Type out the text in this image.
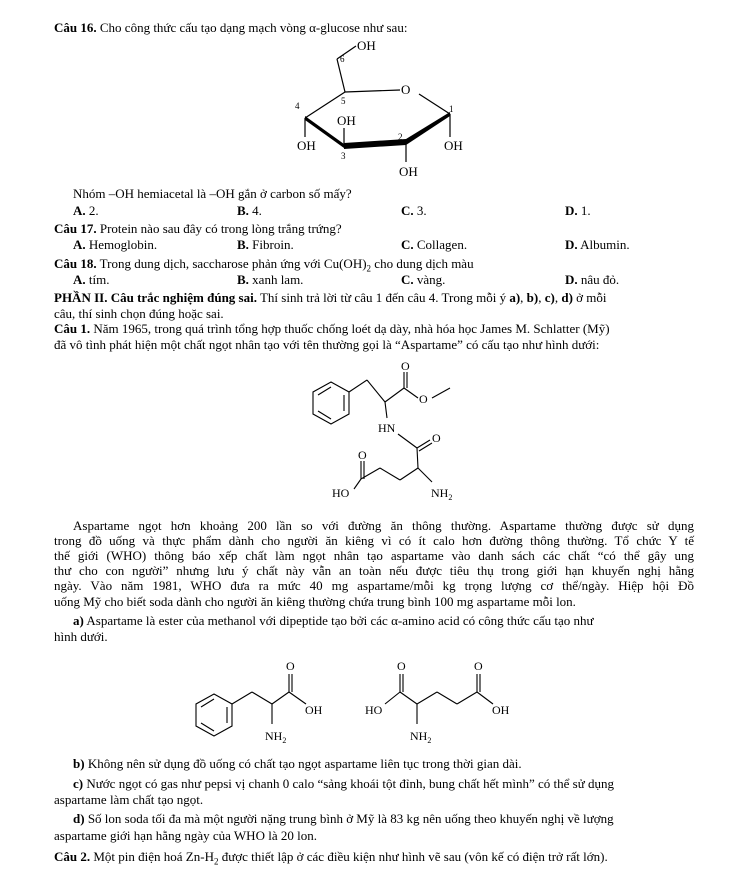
Câu 16. Cho công thức cấu tạo dạng mạch vòng α-glucose như sau:
OH
6
5
O
4	1
OH
2
OH
3
OH
OH
Nhóm –OH hemiacetal là –OH gắn ở carbon số mấy?
A. 2.	B. 4.	C. 3.	D. 1.
Câu 17. Protein nào sau đây có trong lòng trắng trứng?
A. Hemoglobin.	B. Fibroin.	C. Collagen.	D. Albumin.
Câu 18. Trong dung dịch, saccharose phản ứng với $Cu(OH)_2$ cho dung dịch màu
A. tím.	B. xanh lam.	C. vàng.	D. nâu đỏ.
PHẦN II. Câu trắc nghiệm đúng sai. Thí sinh trả lời từ câu 1 đến câu 4. Trong mỗi ý a), b), c), d) ở mỗi
câu, thí sinh chọn đúng hoặc sai.
Câu 1. Năm 1965, trong quá trình tổng hợp thuốc chống loét dạ dày, nhà hóa học James M. Schlatter (Mỹ)
đã vô tình phát hiện một chất ngọt nhân tạo với tên thường gọi là “Aspartame” có cấu tạo như hình dưới:
O
O
HN
O
O
HO	$NH_2$
Aspartame ngọt hơn khoảng 200 lần so với đường ăn thông thường. Aspartame thường được sử dụng
trong đồ uống và thực phẩm dành cho người ăn kiêng vì có ít calo hơn đường thông thường. Tổ chức Y tế
thế giới (WHO) thông báo xếp chất làm ngọt nhân tạo aspartame vào danh sách các chất “có thể gây ung
thư cho con người” nhưng lưu ý chất này vẫn an toàn nếu được tiêu thụ trong giới hạn khuyến nghị hằng
ngày. Vào năm 1981, WHO đưa ra mức 40 mg aspartame/mỗi kg trọng lượng cơ thể/ngày. Hiệp hội Đồ
uống Mỹ cho biết soda dành cho người ăn kiêng thường chứa trung bình 100 mg aspartame mỗi lon.
a) Aspartame là ester của methanol với dipeptide tạo bởi các α-amino acid có công thức cấu tạo như
hình dưới.
O
OH
$NH_2$
O
HO
O
OH
$NH_2$
b) Không nên sử dụng đồ uống có chất tạo ngọt aspartame liên tục trong thời gian dài.
c) Nước ngọt có gas như pepsi vị chanh 0 calo “sảng khoái tột đỉnh, bung chất hết mình” có thể sử dụng
aspartame làm chất tạo ngọt.
d) Số lon soda tối đa mà một người nặng trung bình ở Mỹ là 83 kg nên uống theo khuyến nghị về lượng
aspartame giới hạn hằng ngày của WHO là 20 lon.
Câu 2. Một pin điện hoá $Zn-H_2$ được thiết lập ở các điều kiện như hình vẽ sau (vôn kế có điện trở rất lớn).
